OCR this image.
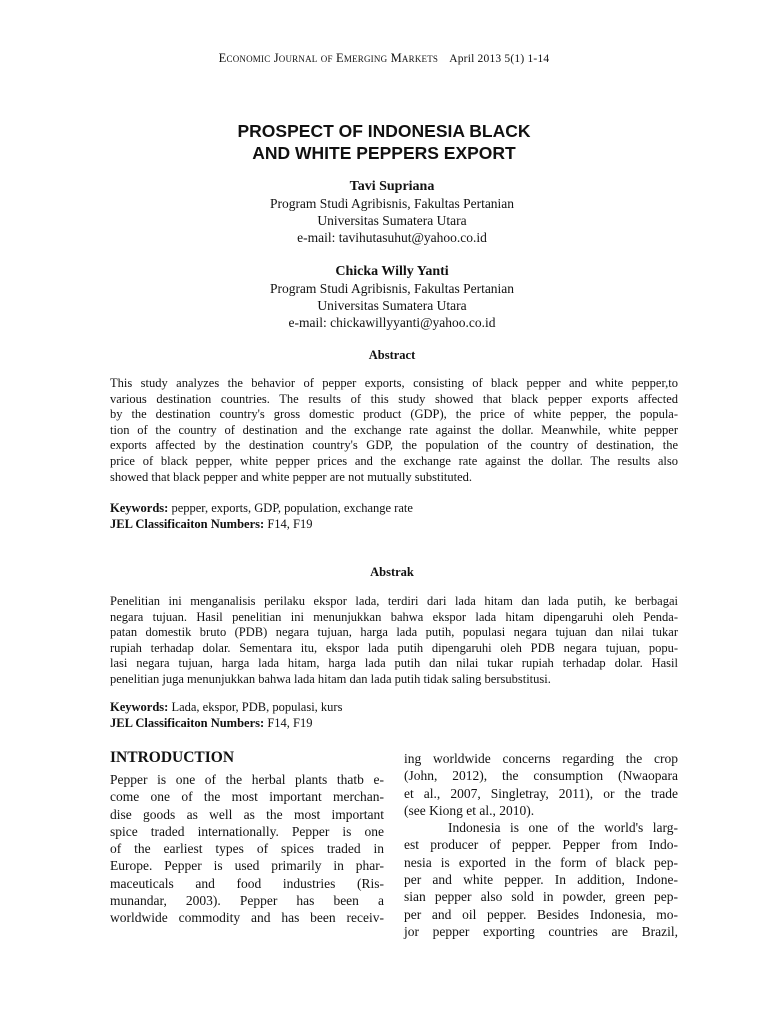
Economic Journal of Emerging Markets April 2013 5(1) 1-14
PROSPECT OF INDONESIA BLACK
AND WHITE PEPPERS EXPORT
Tavi Supriana
Program Studi Agribisnis, Fakultas Pertanian
Universitas Sumatera Utara
e-mail: tavihutasuhut@yahoo.co.id
Chicka Willy Yanti
Program Studi Agribisnis, Fakultas Pertanian
Universitas Sumatera Utara
e-mail: chickawillyyanti@yahoo.co.id
Abstract
This study analyzes the behavior of pepper exports, consisting of black pepper and white pepper,to
various destination countries. The results of this study showed that black pepper exports affected
by the destination country's gross domestic product (GDP), the price of white pepper, the popula-
tion of the country of destination and the exchange rate against the dollar. Meanwhile, white pepper
exports affected by the destination country's GDP, the population of the country of destination, the
price of black pepper, white pepper prices and the exchange rate against the dollar. The results also
showed that black pepper and white pepper are not mutually substituted.
Keywords: pepper, exports, GDP, population, exchange rate
JEL Classificaiton Numbers: F14, F19
Abstrak
Penelitian ini menganalisis perilaku ekspor lada, terdiri dari lada hitam dan lada putih, ke berbagai
negara tujuan. Hasil penelitian ini menunjukkan bahwa ekspor lada hitam dipengaruhi oleh Penda-
patan domestik bruto (PDB) negara tujuan, harga lada putih, populasi negara tujuan dan nilai tukar
rupiah terhadap dolar. Sementara itu, ekspor lada putih dipengaruhi oleh PDB negara tujuan, popu-
lasi negara tujuan, harga lada hitam, harga lada putih dan nilai tukar rupiah terhadap dolar. Hasil
penelitian juga menunjukkan bahwa lada hitam dan lada putih tidak saling bersubstitusi.
Keywords: Lada, ekspor, PDB, populasi, kurs
JEL Classificaiton Numbers: F14, F19
INTRODUCTION
Pepper is one of the herbal plants thatb e-
come one of the most important merchan-
dise goods as well as the most important
spice traded internationally. Pepper is one
of the earliest types of spices traded in
Europe. Pepper is used primarily in phar-
maceuticals and food industries (Ris-
munandar, 2003). Pepper has been a
worldwide commodity and has been receiv-
ing worldwide concerns regarding the crop
(John, 2012), the consumption (Nwaopara
et al., 2007, Singletray, 2011), or the trade
(see Kiong et al., 2010).
Indonesia is one of the world's larg-
est producer of pepper. Pepper from Indo-
nesia is exported in the form of black pep-
per and white pepper. In addition, Indone-
sian pepper also sold in powder, green pep-
per and oil pepper. Besides Indonesia, mo-
jor pepper exporting countries are Brazil,
